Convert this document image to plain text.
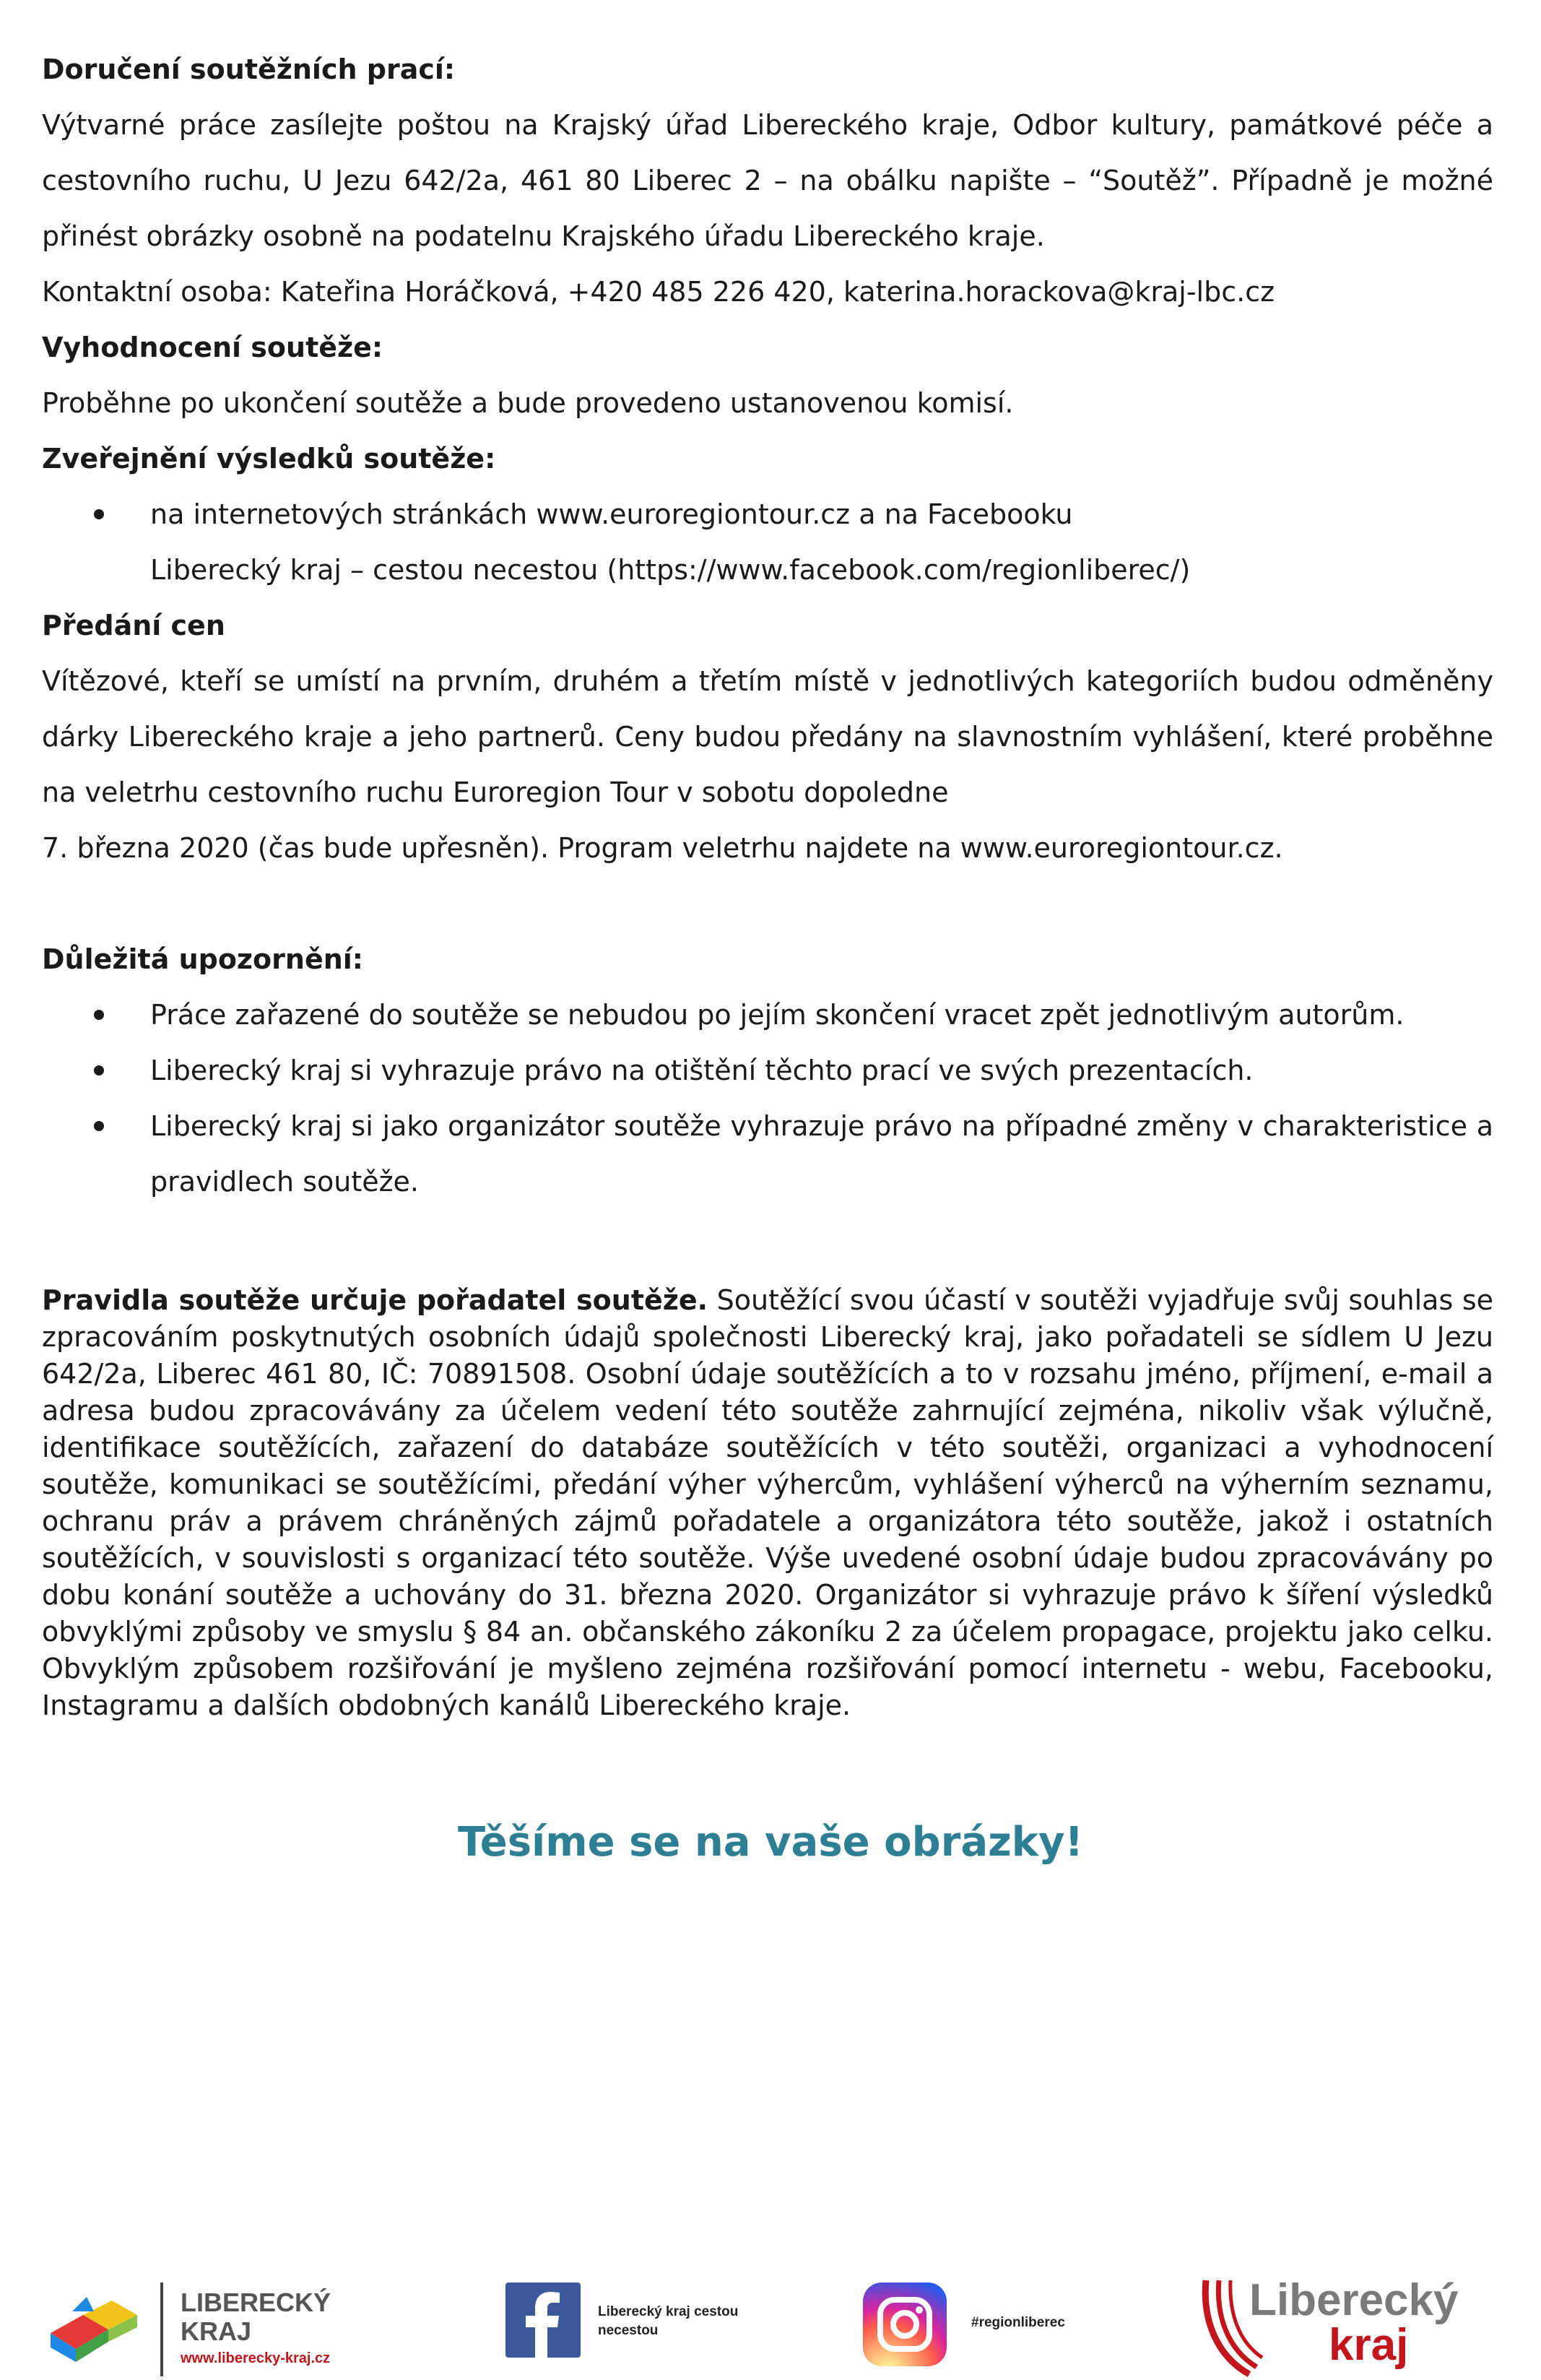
Doručení soutěžních prací:

Výtvarné práce zasílejte poštou na Krajský úřad Libereckého kraje, Odbor kultury, památkové péče a cestovního ruchu, U Jezu 642/2a, 461 80 Liberec 2 – na obálku napište – “Soutěž”. Případně je možné přinést obrázky osobně na podatelnu Krajského úřadu Libereckého kraje.

Kontaktní osoba: Kateřina Horáčková, +420 485 226 420, katerina.horackova@kraj-lbc.cz

Vyhodnocení soutěže:

Proběhne po ukončení soutěže a bude provedeno ustanovenou komisí.

Zveřejnění výsledků soutěže:
na internetových stránkách www.euroregiontour.cz a na Facebooku
Liberecký kraj – cestou necestou (https://www.facebook.com/regionliberec/)
Předání cen

Vítězové, kteří se umístí na prvním, druhém a třetím místě v jednotlivých kategoriích budou odměněny dárky Libereckého kraje a jeho partnerů. Ceny budou předány na slavnostním vyhlášení, které proběhne na veletrhu cestovního ruchu Euroregion Tour v sobotu dopoledne

7. března 2020 (čas bude upřesněn). Program veletrhu najdete na www.euroregiontour.cz.

Důležitá upozornění:
Práce zařazené do soutěže se nebudou po jejím skončení vracet zpět jednotlivým autorům.
Liberecký kraj si vyhrazuje právo na otištění těchto prací ve svých prezentacích.
Liberecký kraj si jako organizátor soutěže vyhrazuje právo na případné změny v charakteristice a pravidlech soutěže.

Pravidla soutěže určuje pořadatel soutěže. Soutěžící svou účastí v soutěži vyjadřuje svůj souhlas se zpracováním poskytnutých osobních údajů společnosti Liberecký kraj, jako pořadateli se sídlem U Jezu 642/2a, Liberec 461 80, IČ: 70891508. Osobní údaje soutěžících a to v rozsahu jméno, příjmení, e-mail a adresa budou zpracovávány za účelem vedení této soutěže zahrnující zejména, nikoliv však výlučně, identifikace soutěžících, zařazení do databáze soutěžících v této soutěži, organizaci a vyhodnocení soutěže, komunikaci se soutěžícími, předání výher výhercům, vyhlášení výherců na výherním seznamu, ochranu práv a právem chráněných zájmů pořadatele a organizátora této soutěže, jakož i ostatních soutěžících, v souvislosti s organizací této soutěže. Výše uvedené osobní údaje budou zpracovávány po dobu konání soutěže a uchovány do 31. března 2020. Organizátor si vyhrazuje právo k šíření výsledků obvyklými způsoby ve smyslu § 84 an. občanského zákoníku 2 za účelem propagace, projektu jako celku. Obvyklým způsobem rozšiřování je myšleno zejména rozšiřování pomocí internetu - webu, Facebooku, Instagramu a dalších obdobných kanálů Libereckého kraje.

Těšíme se na vaše obrázky!
LIBERECKÝ
KRAJ
www.liberecky-kraj.cz
Liberecký kraj cestou necestou
#regionliberec	Liberecký
kraj
